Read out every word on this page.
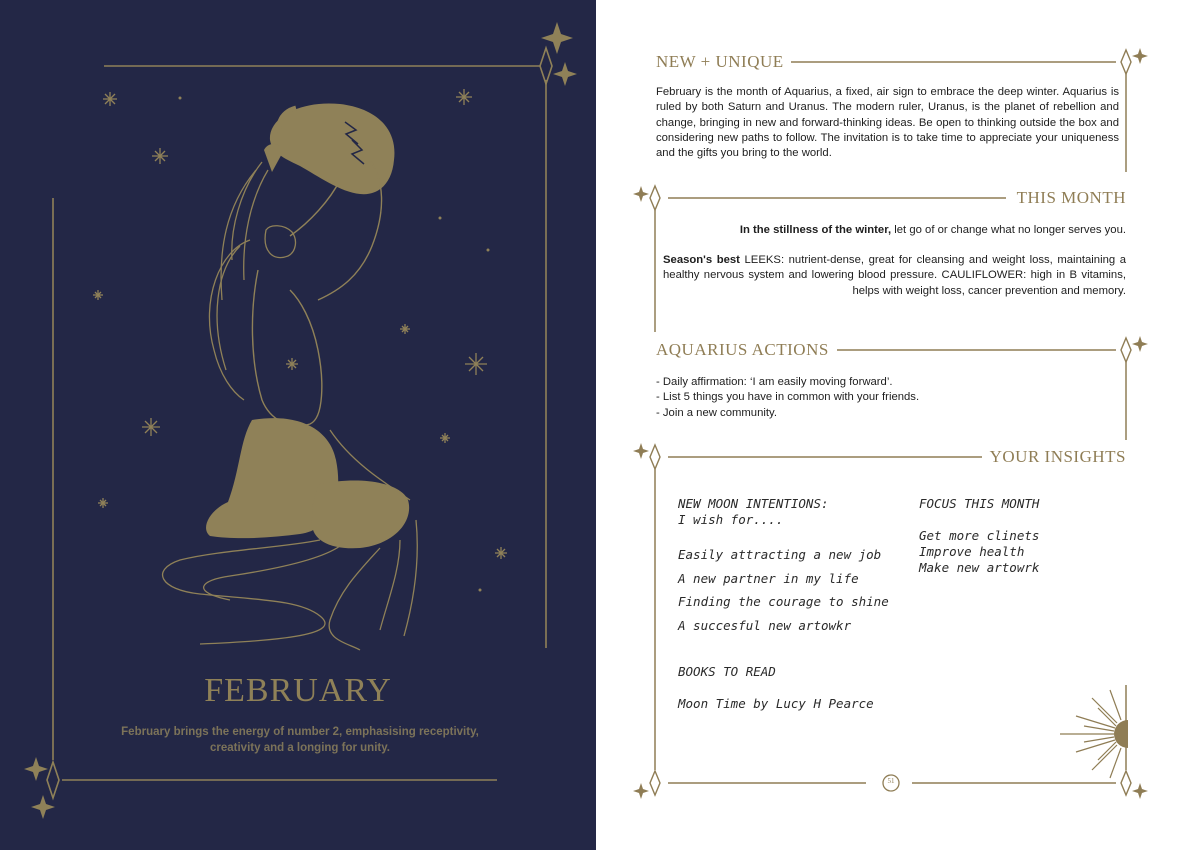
FEBRUARY
February brings the energy of number 2, emphasising receptivity, creativity and a longing for unity.
NEW + UNIQUE
February is the month of Aquarius, a fixed, air sign to embrace the deep winter. Aquarius is ruled by both Saturn and Uranus. The modern ruler, Uranus, is the planet of rebellion and change, bringing in new and forward-thinking ideas. Be open to thinking outside the box and considering new paths to follow. The invitation is to take time to appreciate your uniqueness and the gifts you bring to the world.
THIS MONTH
In the stillness of the winter, let go of or change what no longer serves you.
Season's best LEEKS: nutrient-dense, great for cleansing and weight loss, maintaining a healthy nervous system and lowering blood pressure. CAULIFLOWER: high in B vitamins, helps with weight loss, cancer prevention and memory.
AQUARIUS ACTIONS
- Daily affirmation: ‘I am easily moving forward’.
- List 5 things you have in common with your friends.
- Join a new community.
YOUR INSIGHTS
NEW MOON INTENTIONS:
I wish for....
Easily attracting a new job
A new partner in my life
Finding the courage to shine
A succesful new artowkr
FOCUS THIS MONTH
Get more clinets
Improve health
Make new artowrk
BOOKS TO READ
Moon Time by Lucy H Pearce
51
